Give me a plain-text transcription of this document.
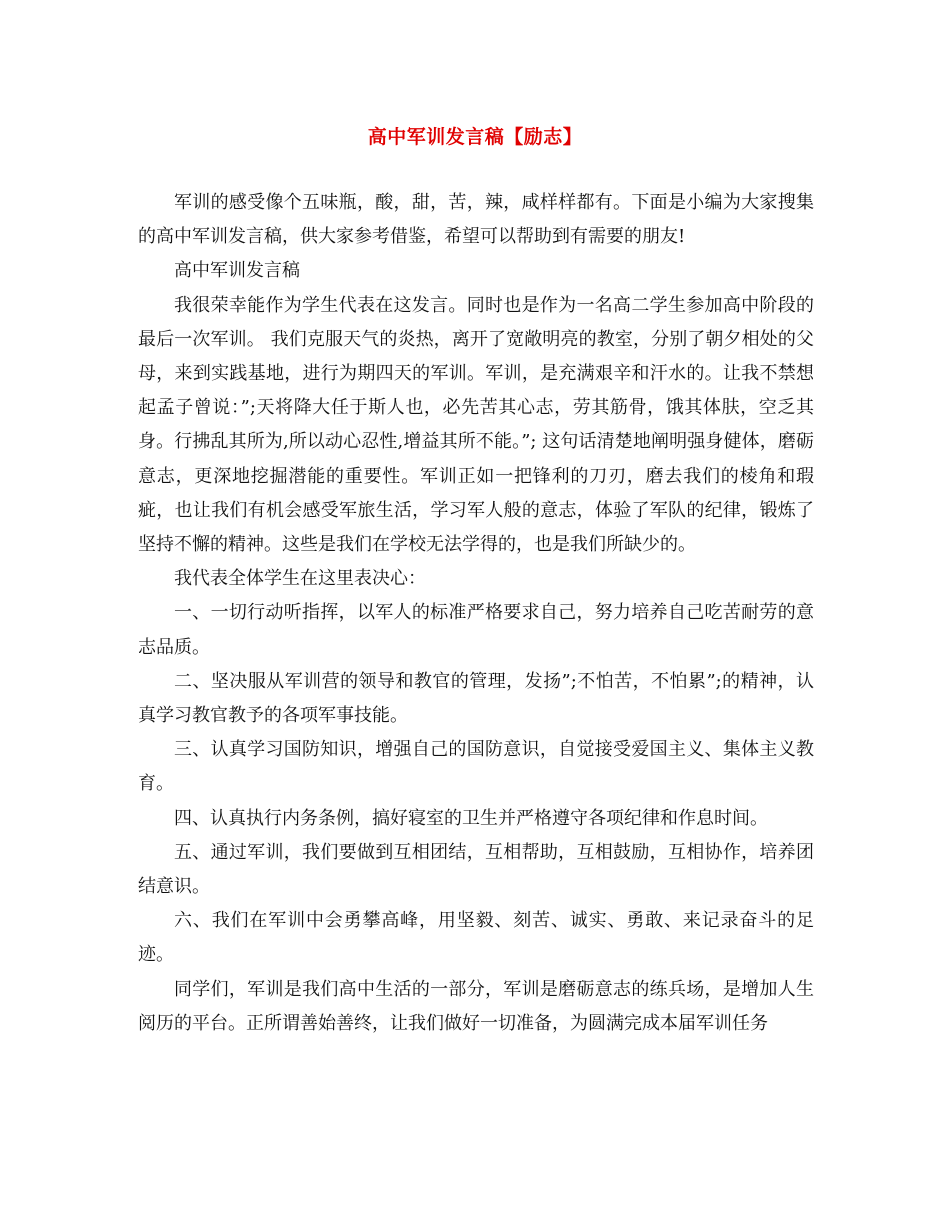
高中军训发言稿【励志】

军训的感受像个五味瓶，酸，甜，苦，辣，咸样样都有。下面是小编为大家搜集的高中军训发言稿，供大家参考借鉴，希望可以帮助到有需要的朋友!

高中军训发言稿

我很荣幸能作为学生代表在这发言。同时也是作为一名高二学生参加高中阶段的最后一次军训。 我们克服天气的炎热，离开了宽敞明亮的教室，分别了朝夕相处的父母，来到实践基地，进行为期四天的军训。军训，是充满艰辛和汗水的。让我不禁想起孟子曾说：”;天将降大任于斯人也，必先苦其心志，劳其筋骨，饿其体肤，空乏其身。行拂乱其所为,所以动心忍性,增益其所不能。”; 这句话清楚地阐明强身健体，磨砺意志，更深地挖掘潜能的重要性。军训正如一把锋利的刀刃，磨去我们的棱角和瑕疵，也让我们有机会感受军旅生活，学习军人般的意志，体验了军队的纪律，锻炼了坚持不懈的精神。这些是我们在学校无法学得的，也是我们所缺少的。

我代表全体学生在这里表决心：

一、一切行动听指挥，以军人的标准严格要求自己，努力培养自己吃苦耐劳的意志品质。

二、坚决服从军训营的领导和教官的管理，发扬”;不怕苦，不怕累”;的精神，认真学习教官教予的各项军事技能。

三、认真学习国防知识，增强自己的国防意识，自觉接受爱国主义、集体主义教育。

四、认真执行内务条例，搞好寝室的卫生并严格遵守各项纪律和作息时间。

五、通过军训，我们要做到互相团结，互相帮助，互相鼓励，互相协作，培养团结意识。

六、我们在军训中会勇攀高峰，用坚毅、刻苦、诚实、勇敢、来记录奋斗的足迹。

同学们，军训是我们高中生活的一部分，军训是磨砺意志的练兵场，是增加人生阅历的平台。正所谓善始善终，让我们做好一切准备，为圆满完成本届军训任务
